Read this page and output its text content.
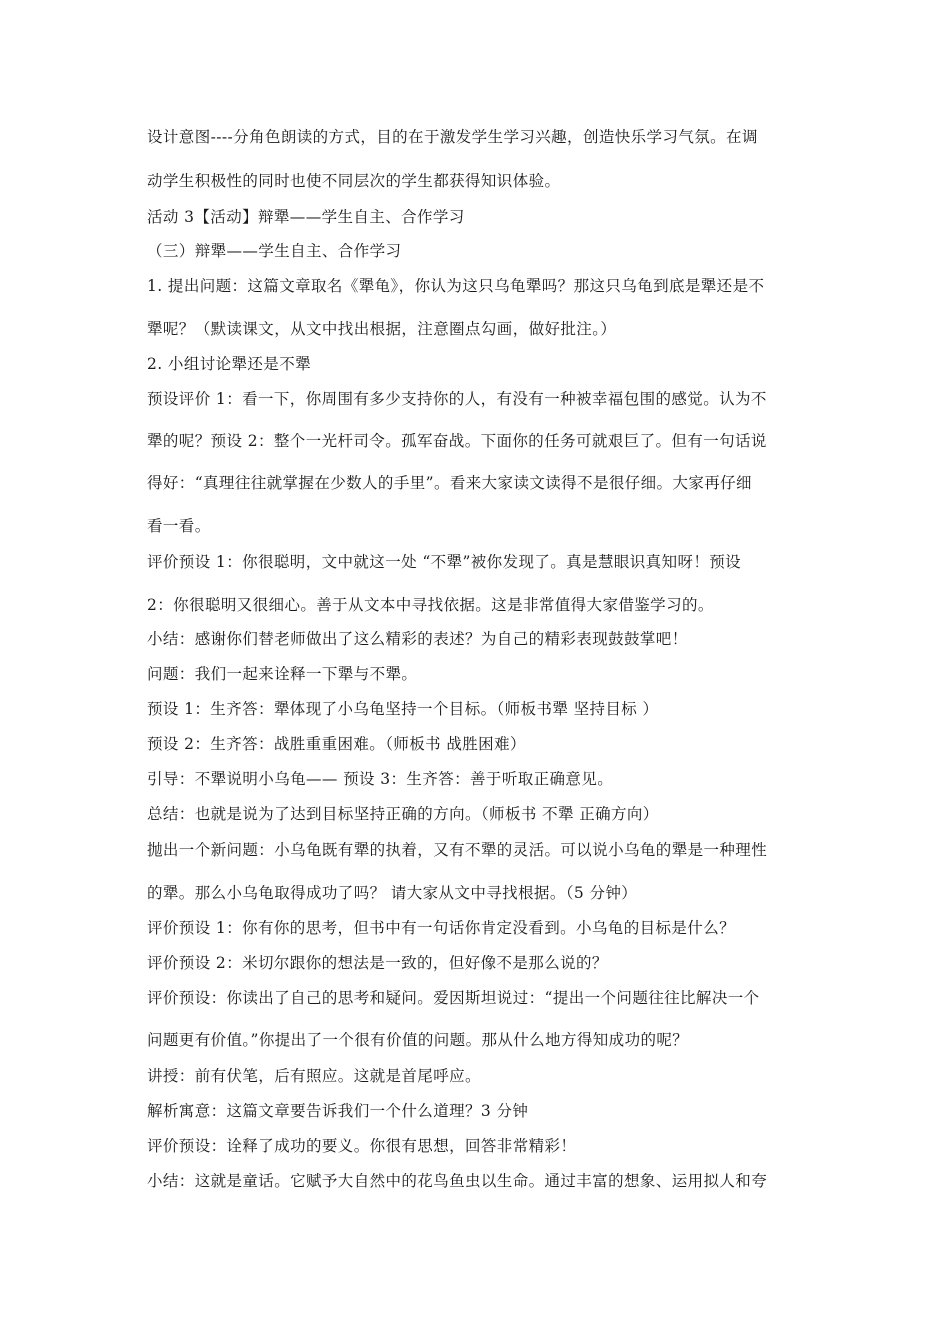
设计意图----分角色朗读的方式，目的在于激发学生学习兴趣，创造快乐学习气氛。在调
动学生积极性的同时也使不同层次的学生都获得知识体验。
活动 3【活动】辩犟——学生自主、合作学习
（三）辩犟——学生自主、合作学习
1. 提出问题：这篇文章取名《犟龟》，你认为这只乌龟犟吗？那这只乌龟到底是犟还是不
犟呢？（默读课文，从文中找出根据，注意圈点勾画，做好批注。）
2. 小组讨论犟还是不犟
预设评价 1：看一下，你周围有多少支持你的人，有没有一种被幸福包围的感觉。认为不
犟的呢？预设 2：整个一光杆司令。孤军奋战。下面你的任务可就艰巨了。但有一句话说
得好：“真理往往就掌握在少数人的手里”。看来大家读文读得不是很仔细。大家再仔细
看一看。
评价预设 1：你很聪明，文中就这一处 “不犟”被你发现了。真是慧眼识真知呀！预设
2：你很聪明又很细心。善于从文本中寻找依据。这是非常值得大家借鉴学习的。
小结：感谢你们替老师做出了这么精彩的表述？为自己的精彩表现鼓鼓掌吧！
问题：我们一起来诠释一下犟与不犟。
预设 1：生齐答：犟体现了小乌龟坚持一个目标。（师板书犟 坚持目标 ）
预设 2：生齐答：战胜重重困难。（师板书 战胜困难）
引导：不犟说明小乌龟—— 预设 3：生齐答：善于听取正确意见。
总结：也就是说为了达到目标坚持正确的方向。（师板书 不犟 正确方向）
抛出一个新问题：小乌龟既有犟的执着，又有不犟的灵活。可以说小乌龟的犟是一种理性
的犟。那么小乌龟取得成功了吗？ 请大家从文中寻找根据。（5 分钟）
评价预设 1：你有你的思考，但书中有一句话你肯定没看到。小乌龟的目标是什么？
评价预设 2：米切尔跟你的想法是一致的，但好像不是那么说的？
评价预设：你读出了自己的思考和疑问。爱因斯坦说过：“提出一个问题往往比解决一个
问题更有价值。”你提出了一个很有价值的问题。那从什么地方得知成功的呢？
讲授：前有伏笔，后有照应。这就是首尾呼应。
解析寓意：这篇文章要告诉我们一个什么道理？3 分钟
评价预设：诠释了成功的要义。你很有思想，回答非常精彩！
小结：这就是童话。它赋予大自然中的花鸟鱼虫以生命。通过丰富的想象、运用拟人和夸
